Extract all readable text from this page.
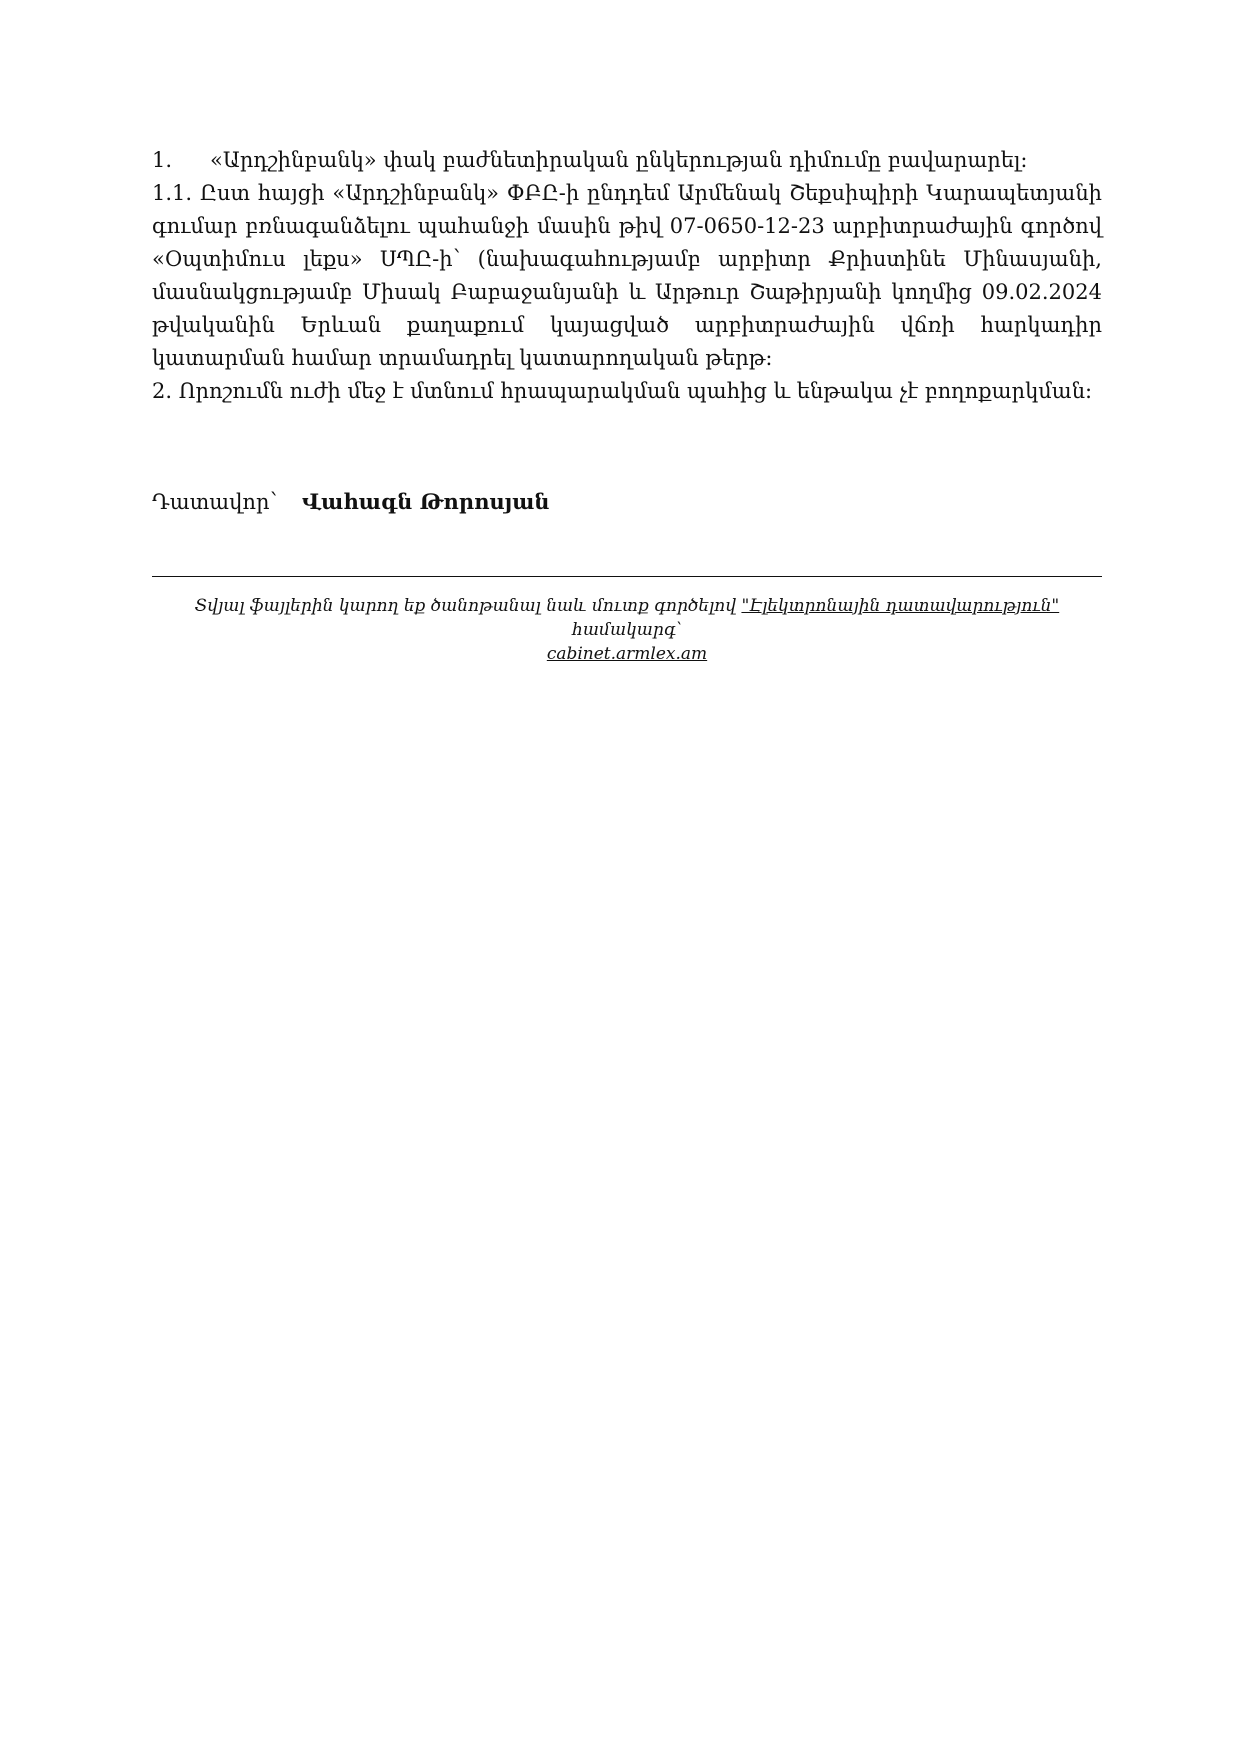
1. «Արդշինբանկ» փակ բաժնետիրական ընկերության դիմումը բավարարել:

1.1. Ըստ հայցի «Արդշինբանկ» ՓԲԸ-ի ընդդեմ Արմենակ Շեքսիպիրի Կարապետյանի գումար բռնագանձելու պահանջի մասին թիվ 07-0650-12-23 արբիտրաժային գործով «Օպտիմուս լեքս» ՍՊԸ-ի՝ (նախագահությամբ արբիտր Քրիստինե Մինասյանի, մասնակցությամբ Միսակ Բաբաջանյանի և Արթուր Շաթիրյանի կողմից 09.02.2024 թվականին Երևան քաղաքում կայացված արբիտրաժային վճռի հարկադիր կատարման համար տրամադրել կատարողական թերթ:

2. Որոշումն ուժի մեջ է մտնում հրապարակման պահից և ենթակա չէ բողոքարկման:

Դատավոր՝ Վահագն Թորոսյան
Տվյալ ֆայլերին կարող եք ծանոթանալ նաև մուտք գործելով "Էլեկտրոնային դատավարություն" համակարգ՝
cabinet.armlex.am
